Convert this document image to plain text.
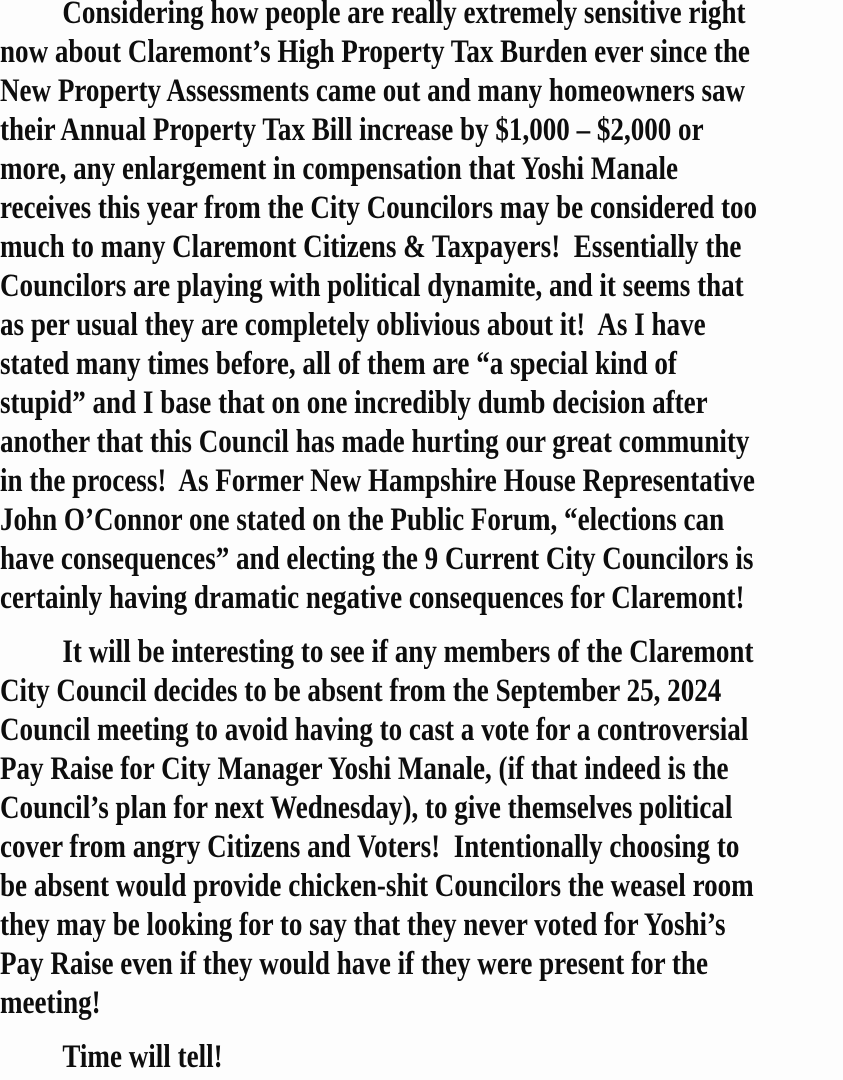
Considering how people are really extremely sensitive right
now about Claremont’s High Property Tax Burden ever since the
New Property Assessments came out and many homeowners saw
their Annual Property Tax Bill increase by $1,000 – $2,000 or
more, any enlargement in compensation that Yoshi Manale
receives this year from the City Councilors may be considered too
much to many Claremont Citizens & Taxpayers!  Essentially the
Councilors are playing with political dynamite, and it seems that
as per usual they are completely oblivious about it!  As I have
stated many times before, all of them are “a special kind of
stupid” and I base that on one incredibly dumb decision after
another that this Council has made hurting our great community
in the process!  As Former New Hampshire House Representative
John O’Connor one stated on the Public Forum, “elections can
have consequences” and electing the 9 Current City Councilors is
certainly having dramatic negative consequences for Claremont!
It will be interesting to see if any members of the Claremont
City Council decides to be absent from the September 25, 2024
Council meeting to avoid having to cast a vote for a controversial
Pay Raise for City Manager Yoshi Manale, (if that indeed is the
Council’s plan for next Wednesday), to give themselves political
cover from angry Citizens and Voters!  Intentionally choosing to
be absent would provide chicken-shit Councilors the weasel room
they may be looking for to say that they never voted for Yoshi’s
Pay Raise even if they would have if they were present for the
meeting!
Time will tell!
